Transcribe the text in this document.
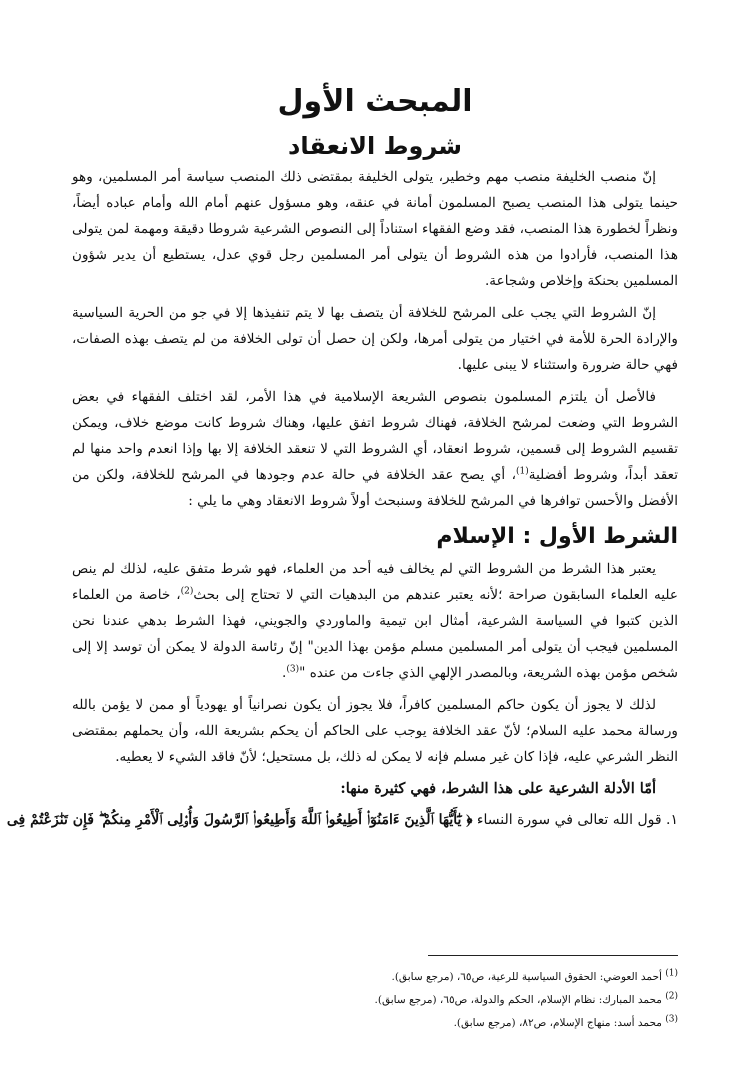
المبحث الأول
شروط الانعقاد

إنّ منصب الخليفة منصب مهم وخطير، يتولى الخليفة بمقتضى ذلك المنصب سياسة أمر المسلمين، وهو حينما يتولى هذا المنصب يصبح المسلمون أمانة في عنقه، وهو مسؤول عنهم أمام الله وأمام عباده أيضاً، ونظراً لخطورة هذا المنصب، فقد وضع الفقهاء استناداً إلى النصوص الشرعية شروطا دقيقة ومهمة لمن يتولى هذا المنصب، فأرادوا من هذه الشروط أن يتولى أمر المسلمين رجل قوي عدل، يستطيع أن يدير شؤون المسلمين بحنكة وإخلاص وشجاعة.

إنّ الشروط التي يجب على المرشح للخلافة أن يتصف بها لا يتم تنفيذها إلا في جو من الحرية السياسية والإرادة الحرة للأمة في اختيار من يتولى أمرها، ولكن إن حصل أن تولى الخلافة من لم يتصف بهذه الصفات، فهي حالة ضرورة واستثناء لا يبنى عليها.

فالأصل أن يلتزم المسلمون بنصوص الشريعة الإسلامية في هذا الأمر، لقد اختلف الفقهاء في بعض الشروط التي وضعت لمرشح الخلافة، فهناك شروط اتفق عليها، وهناك شروط كانت موضع خلاف، ويمكن تقسيم الشروط إلى قسمين، شروط انعقاد، أي الشروط التي لا تنعقد الخلافة إلا بها وإذا انعدم واحد منها لم تعقد أبداً، وشروط أفضلية$^{(1)}$، أي يصح عقد الخلافة في حالة عدم وجودها في المرشح للخلافة، ولكن من الأفضل والأحسن توافرها في المرشح للخلافة وسنبحث أولاً شروط الانعقاد وهي ما يلي :

الشرط الأول : الإسلام

يعتبر هذا الشرط من الشروط التي لم يخالف فيه أحد من العلماء، فهو شرط متفق عليه، لذلك لم ينص عليه العلماء السابقون صراحة ؛لأنه يعتبر عندهم من البدهيات التي لا تحتاج إلى بحث$^{(2)}$، خاصة من العلماء الذين كتبوا في السياسة الشرعية، أمثال ابن تيمية والماوردي والجويني، فهذا الشرط بدهي عندنا نحن المسلمين فيجب أن يتولى أمر المسلمين مسلم مؤمن بهذا الدين" إنّ رئاسة الدولة لا يمكن أن توسد إلا إلى شخص مؤمن بهذه الشريعة، وبالمصدر الإلهي الذي جاءت من عنده "$^{(3)}$.

لذلك لا يجوز أن يكون حاكم المسلمين كافراً، فلا يجوز أن يكون نصرانياً أو يهودياً أو ممن لا يؤمن بالله ورسالة محمد عليه السلام؛ لأنّ عقد الخلافة يوجب على الحاكم أن يحكم بشريعة الله، وأن يحملهم بمقتضى النظر الشرعي عليه، فإذا كان غير مسلم فإنه لا يمكن له ذلك، بل مستحيل؛ لأنّ فاقد الشيء لا يعطيه.

أمّا الأدلة الشرعية على هذا الشرط، فهي كثيرة منها:

١. قول الله تعالى في سورة النساء ﴿ يَٰٓأَيُّهَا ٱلَّذِينَ ءَامَنُوٓا۟ أَطِيعُوا۟ ٱللَّهَ وَأَطِيعُوا۟ ٱلرَّسُولَ وَأُو۟لِى ٱلْأَمْرِ مِنكُمْ ۖ فَإِن تَنَٰزَعْتُمْ فِى

$^{(1)}$ أحمد العوضي: الحقوق السياسية للرعية، ص٦٥، (مرجع سابق).

$^{(2)}$ محمد المبارك: نظام الإسلام، الحكم والدولة، ص٦٥، (مرجع سابق).

$^{(3)}$ محمد أسد: منهاج الإسلام، ص٨٢، (مرجع سابق).
